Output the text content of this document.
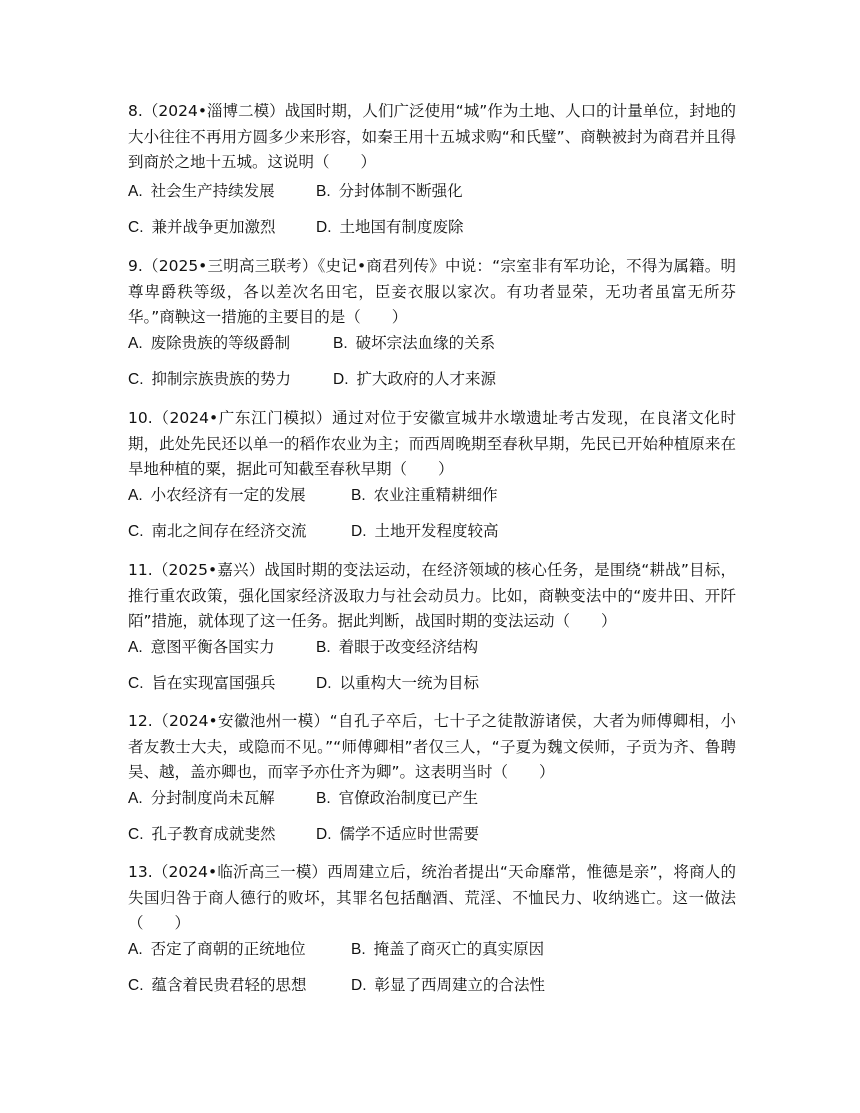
8.（2024•淄博二模）战国时期，人们广泛使用“城”作为土地、人口的计量单位，封地的大小往往不再用方圆多少来形容，如秦王用十五城求购“和氏璧”、商鞅被封为商君并且得到商於之地十五城。这说明（　　）

A. 社会生产持续发展	B. 分封体制不断强化
C. 兼并战争更加激烈	D. 土地国有制度废除

9.（2025•三明高三联考）《史记•商君列传》中说：“宗室非有军功论，不得为属籍。明尊卑爵秩等级，各以差次名田宅，臣妾衣服以家次。有功者显荣，无功者虽富无所芬华。”商鞅这一措施的主要目的是（　　）

A. 废除贵族的等级爵制	B. 破坏宗法血缘的关系
C. 抑制宗族贵族的势力	D. 扩大政府的人才来源

10.（2024•广东江门模拟）通过对位于安徽宣城井水墩遗址考古发现，在良渚文化时期，此处先民还以单一的稻作农业为主；而西周晚期至春秋早期，先民已开始种植原来在旱地种植的粟，据此可知截至春秋早期（　　）

A. 小农经济有一定的发展	B. 农业注重精耕细作
C. 南北之间存在经济交流	D. 土地开发程度较高

11.（2025•嘉兴）战国时期的变法运动，在经济领域的核心任务，是围绕“耕战”目标，推行重农政策，强化国家经济汲取力与社会动员力。比如，商鞅变法中的“废井田、开阡陌”措施，就体现了这一任务。据此判断，战国时期的变法运动（　　）

A. 意图平衡各国实力	B. 着眼于改变经济结构
C. 旨在实现富国强兵	D. 以重构大一统为目标

12.（2024•安徽池州一模）“自孔子卒后，七十子之徒散游诸侯，大者为师傅卿相，小者友教士大夫，或隐而不见。”“师傅卿相”者仅三人，“子夏为魏文侯师，子贡为齐、鲁聘吴、越，盖亦卿也，而宰予亦仕齐为卿”。这表明当时（　　）

A. 分封制度尚未瓦解	B. 官僚政治制度已产生
C. 孔子教育成就斐然	D. 儒学不适应时世需要

13.（2024•临沂高三一模）西周建立后，统治者提出“天命靡常，惟德是亲”，将商人的失国归咎于商人德行的败坏，其罪名包括酗酒、荒淫、不恤民力、收纳逃亡。这一做法（　　）

A. 否定了商朝的正统地位	B. 掩盖了商灭亡的真实原因
C. 蕴含着民贵君轻的思想	D. 彰显了西周建立的合法性
